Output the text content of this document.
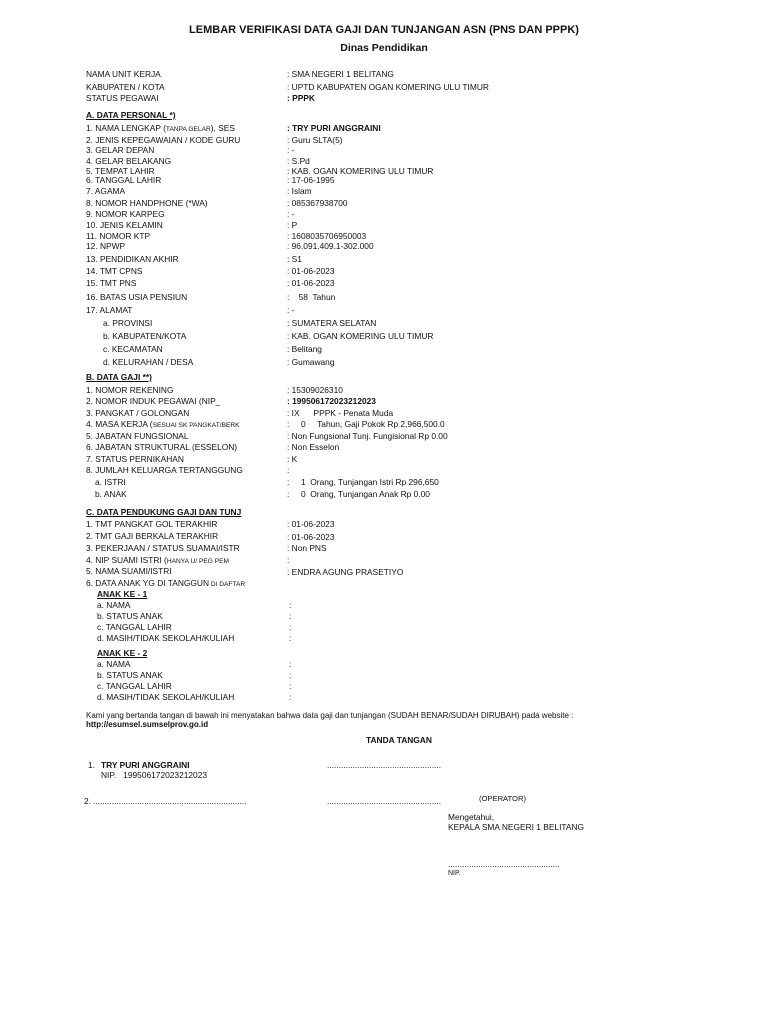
LEMBAR VERIFIKASI DATA GAJI DAN TUNJANGAN ASN (PNS DAN PPPK)
Dinas Pendidikan
NAMA UNIT KERJA	: SMA NEGERI 1 BELITANG
KABUPATEN / KOTA	: UPTD KABUPATEN OGAN KOMERING ULU TIMUR
STATUS PEGAWAI	: PPPK
A. DATA PERSONAL *)
1. NAMA LENGKAP (TANPA GELAR), SES	: TRY PURI ANGGRAINI
2. JENIS KEPEGAWAIAN / KODE GURU	: Guru SLTA(5)
3. GELAR DEPAN	: -
4. GELAR BELAKANG	: S.Pd
5. TEMPAT LAHIR	: KAB. OGAN KOMERING ULU TIMUR
6. TANGGAL LAHIR	: 17-06-1995
7. AGAMA	: Islam
8. NOMOR HANDPHONE (*WA)	: 085367938700
9. NOMOR KARPEG	: -
10. JENIS KELAMIN	: P
11. NOMOR KTP	: 1608035706950003
12. NPWP	: 96.091.409.1-302.000
13. PENDIDIKAN AKHIR	: S1
14. TMT CPNS	: 01-06-2023
15. TMT PNS	: 01-06-2023
16. BATAS USIA PENSIUN	:    58  Tahun
17. ALAMAT	: -
a. PROVINSI	: SUMATERA SELATAN
b. KABUPATEN/KOTA	: KAB. OGAN KOMERING ULU TIMUR
c. KECAMATAN	: Belitang
d. KELURAHAN / DESA	: Gumawang
B. DATA GAJI **)
1. NOMOR REKENING	: 15309026310
2. NOMOR INDUK PEGAWAI (NIP_	: 199506172023212023
3. PANGKAT / GOLONGAN	: IX      PPPK - Penata Muda
4. MASA KERJA (SESUAI SK PANGKAT/BERK	:     0     Tahun, Gaji Pokok Rp 2,966,500.0
5. JABATAN FUNGSIONAL	: Non Fungsional Tunj. Fungisional Rp 0.00
6. JABATAN STRUKTURAL (ESSELON)	: Non Esselon
7. STATUS PERNIKAHAN	: K
8. JUMLAH KELUARGA TERTANGGUNG	:
a. ISTRI	:     1  Orang, Tunjangan Istri Rp 296,650
b. ANAK	:     0  Orang, Tunjangan Anak Rp 0.00
C. DATA PENDUKUNG GAJI DAN TUNJ
1. TMT PANGKAT GOL TERAKHIR	: 01-06-2023
2. TMT GAJI BERKALA TERAKHIR	: 01-06-2023
3. PEKERJAAN / STATUS SUAMAI/ISTR	: Non PNS
4. NIP SUAMI ISTRI (HANYA U/ PEG PEM	:
5. NAMA SUAMI/ISTRI	: ENDRA AGUNG PRASETIYO
6. DATA ANAK YG DI TANGGUN DI DAFTAR
ANAK KE - 1
a. NAMA	:
b. STATUS ANAK	:
c. TANGGAL LAHIR	:
d. MASIH/TIDAK SEKOLAH/KULIAH	:
ANAK KE - 2
a. NAMA	:
b. STATUS ANAK	:
c. TANGGAL LAHIR	:
d. MASIH/TIDAK SEKOLAH/KULIAH	:
Kami yang bertanda tangan di bawah ini menyatakan bahwa data gaji dan tunjangan (SUDAH BENAR/SUDAH DIRUBAH) pada website :
http://esumsel.sumselprov.go.id
TANDA TANGAN
1. TRY PURI ANGGRAINI	.................................................
NIP.   199506172023212023
2. ..................................................................	.................................................	(OPERATOR)
Mengetahui,
KEPALA SMA NEGERI 1 BELITANG
................................................
NIP.
